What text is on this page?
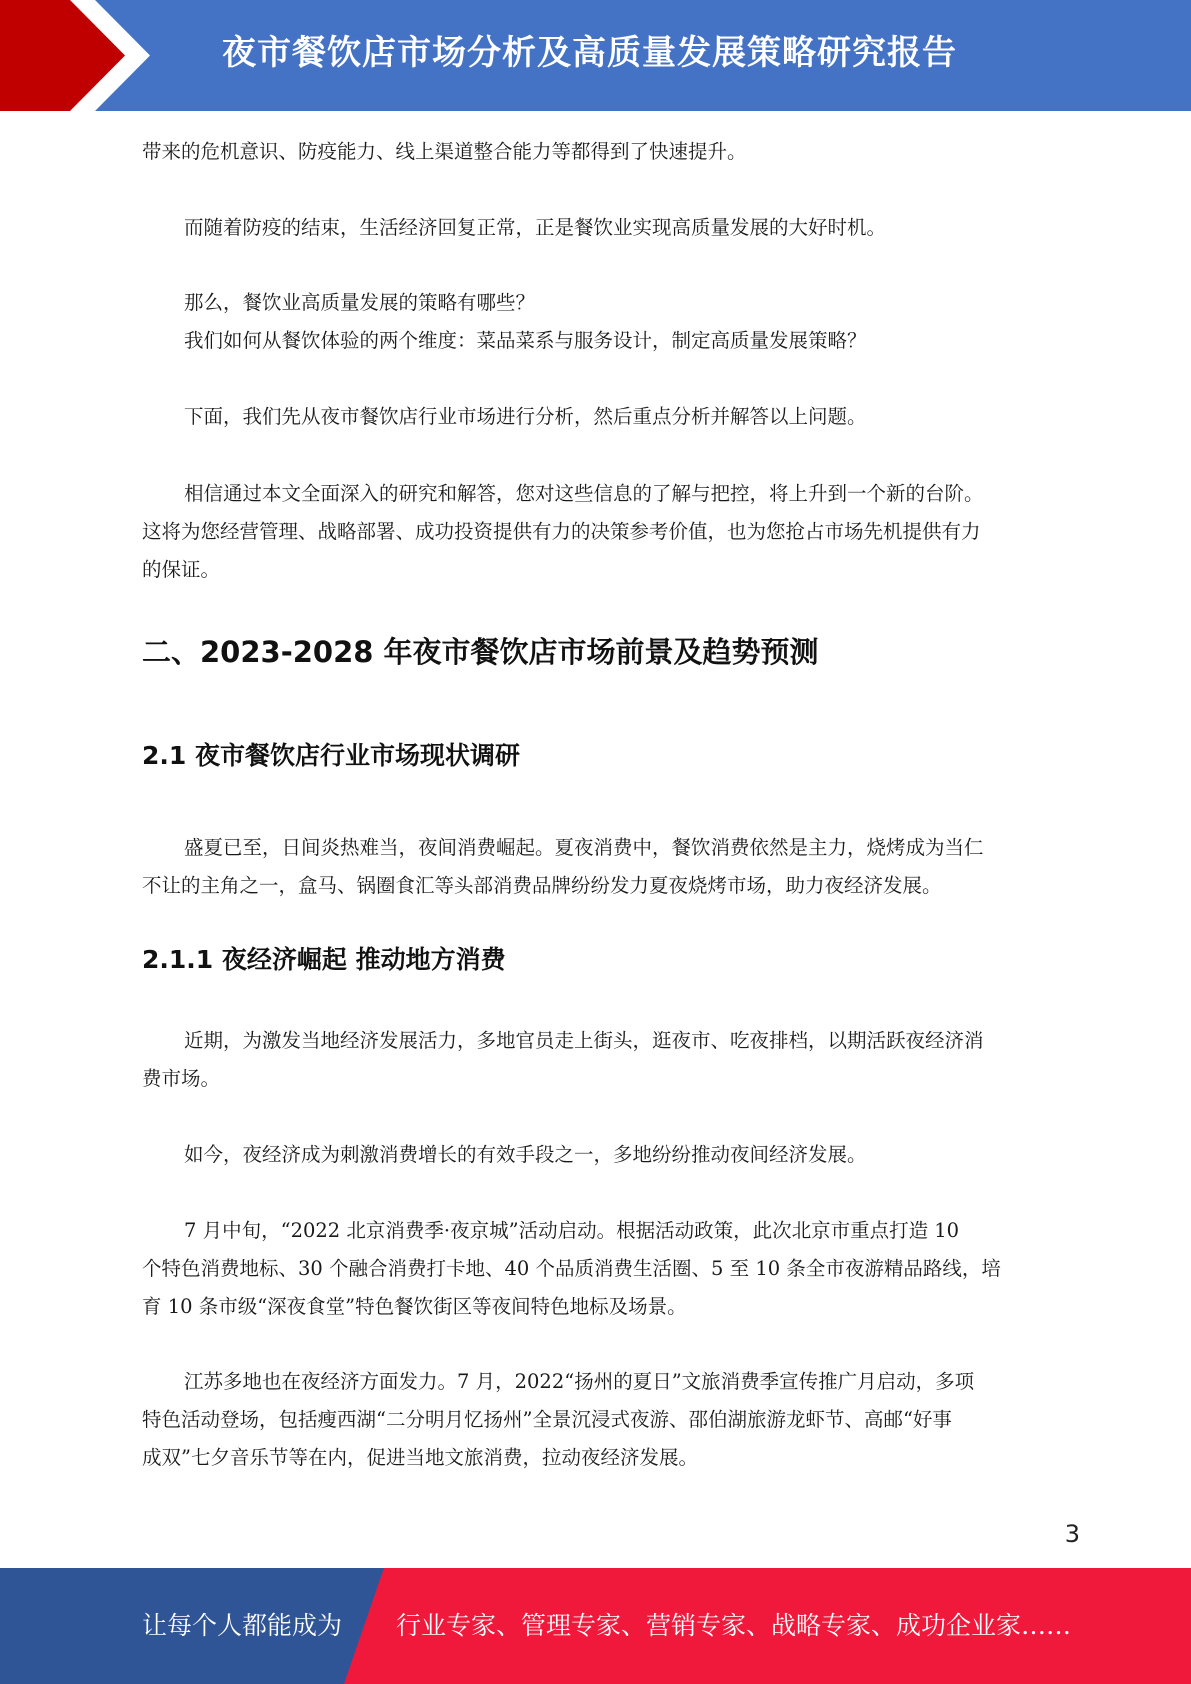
夜市餐饮店市场分析及高质量发展策略研究报告
带来的危机意识、防疫能力、线上渠道整合能力等都得到了快速提升。
而随着防疫的结束，生活经济回复正常，正是餐饮业实现高质量发展的大好时机。
那么，餐饮业高质量发展的策略有哪些？
我们如何从餐饮体验的两个维度：菜品菜系与服务设计，制定高质量发展策略？
下面，我们先从夜市餐饮店行业市场进行分析，然后重点分析并解答以上问题。
相信通过本文全面深入的研究和解答，您对这些信息的了解与把控，将上升到一个新的台阶。
这将为您经营管理、战略部署、成功投资提供有力的决策参考价值，也为您抢占市场先机提供有力
的保证。
二、2023-2028 年夜市餐饮店市场前景及趋势预测
2.1 夜市餐饮店行业市场现状调研
盛夏已至，日间炎热难当，夜间消费崛起。夏夜消费中，餐饮消费依然是主力，烧烤成为当仁
不让的主角之一，盒马、锅圈食汇等头部消费品牌纷纷发力夏夜烧烤市场，助力夜经济发展。
2.1.1 夜经济崛起 推动地方消费
近期，为激发当地经济发展活力，多地官员走上街头，逛夜市、吃夜排档，以期活跃夜经济消
费市场。
如今，夜经济成为刺激消费增长的有效手段之一，多地纷纷推动夜间经济发展。
7 月中旬，“2022 北京消费季·夜京城”活动启动。根据活动政策，此次北京市重点打造 10
个特色消费地标、30 个融合消费打卡地、40 个品质消费生活圈、5 至 10 条全市夜游精品路线，培
育 10 条市级“深夜食堂”特色餐饮街区等夜间特色地标及场景。
江苏多地也在夜经济方面发力。7 月，2022“扬州的夏日”文旅消费季宣传推广月启动，多项
特色活动登场，包括瘦西湖“二分明月忆扬州”全景沉浸式夜游、邵伯湖旅游龙虾节、高邮“好事
成双”七夕音乐节等在内，促进当地文旅消费，拉动夜经济发展。
3
让每个人都能成为 行业专家、管理专家、营销专家、战略专家、成功企业家……
